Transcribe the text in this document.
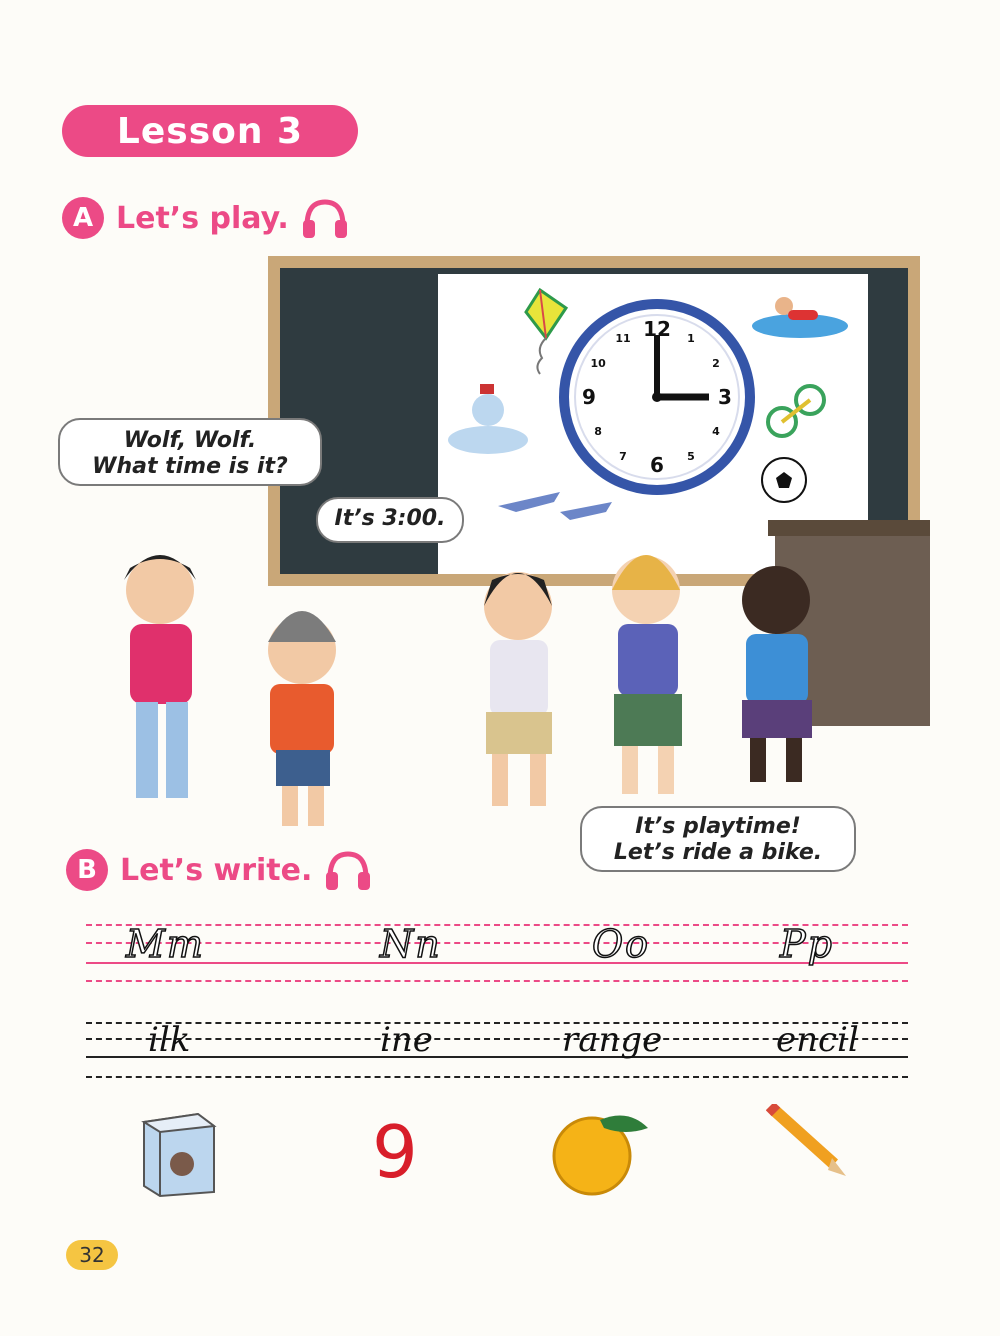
Lesson 3
A Let’s play.
12 1
2
3
4
5
6
7
8
9
10
11
Wolf, Wolf.
What time is it?
It’s 3:00.
It’s playtime!
Let’s ride a bike.
B Let’s write.
Mm	Nn	Oo	Pp
ilk	ine	range	encil
9
32
